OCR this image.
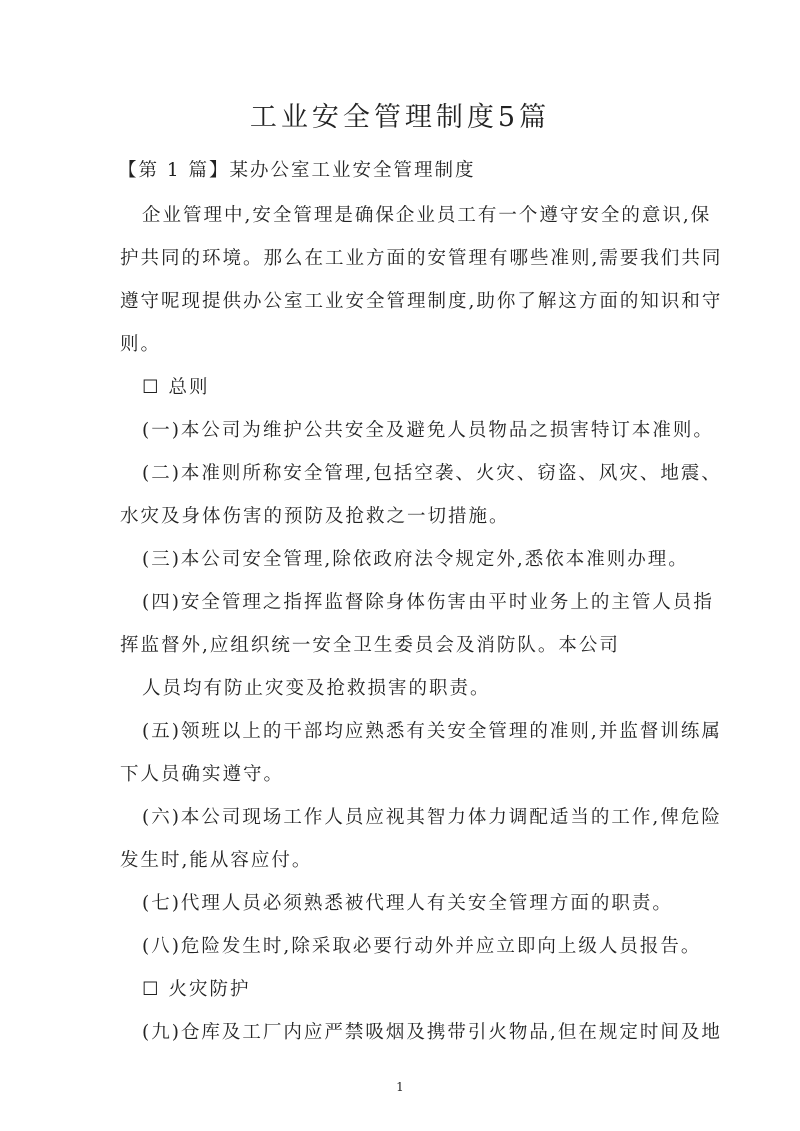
工业安全管理制度5篇
【第 1 篇】某办公室工业安全管理制度
企业管理中,安全管理是确保企业员工有一个遵守安全的意识,保
护共同的环境。那么在工业方面的安管理有哪些准则,需要我们共同
遵守呢现提供办公室工业安全管理制度,助你了解这方面的知识和守
则。
☐ 总则
(一)本公司为维护公共安全及避免人员物品之损害特订本准则。
(二)本准则所称安全管理,包括空袭、火灾、窃盗、风灾、地震、
水灾及身体伤害的预防及抢救之一切措施。
(三)本公司安全管理,除依政府法令规定外,悉依本准则办理。
(四)安全管理之指挥监督除身体伤害由平时业务上的主管人员指
挥监督外,应组织统一安全卫生委员会及消防队。本公司
人员均有防止灾变及抢救损害的职责。
(五)领班以上的干部均应熟悉有关安全管理的准则,并监督训练属
下人员确实遵守。
(六)本公司现场工作人员应视其智力体力调配适当的工作,俾危险
发生时,能从容应付。
(七)代理人员必须熟悉被代理人有关安全管理方面的职责。
(八)危险发生时,除采取必要行动外并应立即向上级人员报告。
☐ 火灾防护
(九)仓库及工厂内应严禁吸烟及携带引火物品,但在规定时间及地
1
